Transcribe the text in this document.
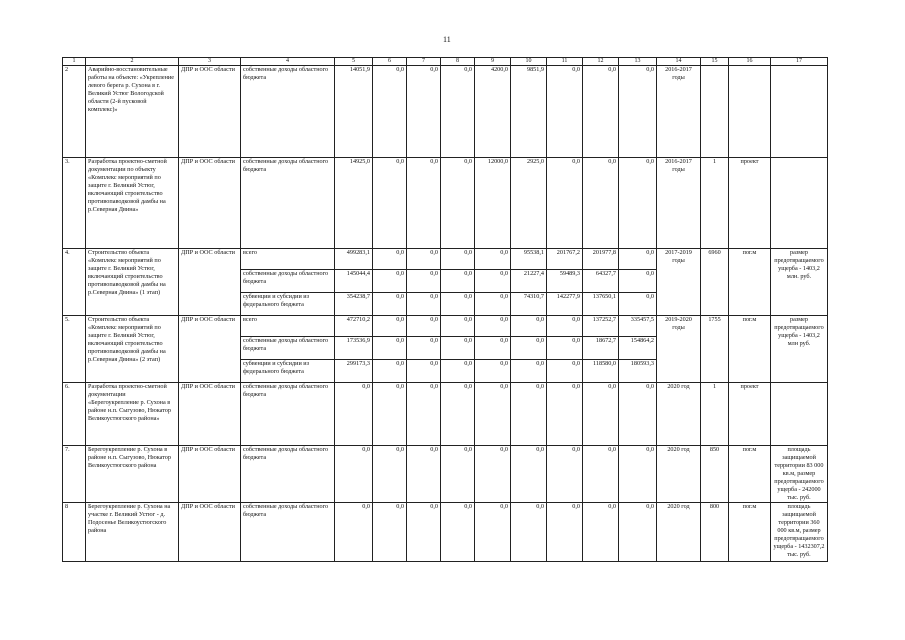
11
1	2	3	4	5	6	7	8	9	10	11	12	13	14	15	16	17
2	Аварийно-восстановительные работы на объекте: «Укрепление левого берега р. Сухона в г. Великий Устюг Вологодской области (2-й пусковой комплекс)»	ДПР и ООС области	собственные доходы областного бюджета	14051,9	0,0	0,0	0,0	4200,0	9851,9	0,0	0,0	0,0	2016-2017 годы			
3.	Разработка проектно-сметной документации по объекту «Комплекс мероприятий по защите г. Великий Устюг, включающий строительство противопаводковой дамбы на р.Северная Двина»	ДПР и ООС области	собственные доходы областного бюджета	14925,0	0,0	0,0	0,0	12000,0	2925,0	0,0	0,0	0,0	2016-2017 годы	1	проект	
4.	Строительство объекта «Комплекс мероприятий по защите г. Великий Устюг, включающий строительство противопаводковой дамбы на р.Северная Двина» (1 этап)	ДПР и ООС области	всего	499283,1	0,0	0,0	0,0	0,0	95538,1	201767,2	201977,8	0,0	2017-2019 годы	6960	пог.м	размер предотвращаемого ущерба - 1403,2 млн. руб.
			собственные доходы областного бюджета	145044,4	0,0	0,0	0,0	0,0	21227,4	59489,3	64327,7	0,0				
			субвенции и субсидии из федерального бюджета	354238,7	0,0	0,0	0,0	0,0	74310,7	142277,9	137650,1	0,0				
5.	Строительство объекта «Комплекс мероприятий по защите г. Великий Устюг, включающий строительство противопаводковой дамбы на р.Северная Двина» (2 этап)	ДПР и ООС области	всего	472710,2	0,0	0,0	0,0	0,0	0,0	0,0	137252,7	335457,5	2019-2020 годы	1755	пог.м	размер предотвращаемого ущерба - 1403,2 млн руб.
			собственные доходы областного бюджета	173536,9	0,0	0,0	0,0	0,0	0,0	0,0	18672,7	154864,2				
			субвенции и субсидии из федерального бюджета	299173,3	0,0	0,0	0,0	0,0	0,0	0,0	118580,0	180593,3				
6.	Разработка проектно-сметной документации «Берегоукрепление р. Сухона в районе н.п. Сыгузово, Нюкатор Великоустюгского района»	ДПР и ООС области	собственные доходы областного бюджета	0,0	0,0	0,0	0,0	0,0	0,0	0,0	0,0	0,0	2020 год	1	проект	
7.	Берегоукрепление р. Сухона в районе н.п. Сыгузово, Нюкатор Великоустюгского района	ДПР и ООС области	собственные доходы областного бюджета	0,0	0,0	0,0	0,0	0,0	0,0	0,0	0,0	0,0	2020 год	850	пог.м	площадь защищаемой территории 83 000 кв.м, размер предотвращаемого ущерба - 242000 тыс. руб.
8	Берегоукрепление р. Сухона на участке г. Великий Устюг - д. Подосенье Великоустюгского района	ДПР и ООС области	собственные доходы областного бюджета	0,0	0,0	0,0	0,0	0,0	0,0	0,0	0,0	0,0	2020 год	800	пог.м	площадь защищаемой территории 360 000 кв.м, размер предотвращаемого ущерба - 1432307,2 тыс. руб.
